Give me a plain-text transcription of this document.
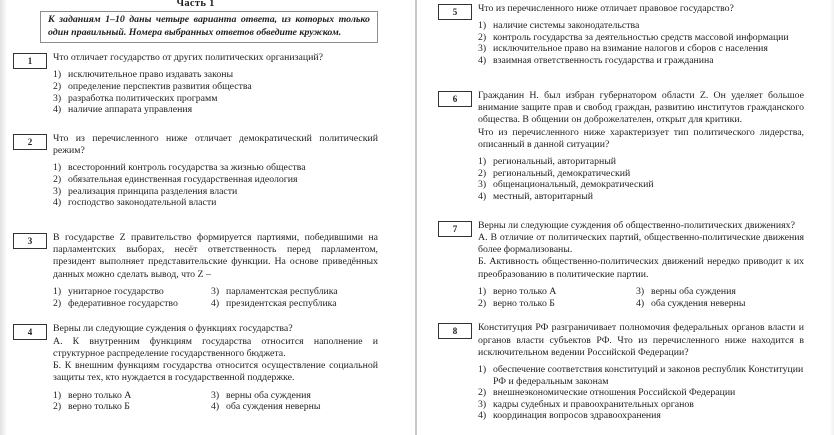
Часть 1
К заданиям 1–10 даны четыре варианта ответа, из которых только один правильный. Номера выбранных ответов обведите кружком.
1	Что отличает государство от других политических организаций?

1) исключительное право издавать законы
2) определение перспектив развития общества
3) разработка политических программ
4) наличие аппарата управления
2	Что из перечисленного ниже отличает демократический политический режим?

1) всесторонний контроль государства за жизнью общества
2) обязательная единственная государственная идеология
3) реализация принципа разделения власти
4) господство законодательной власти
3	В государстве Z правительство формируется партиями, победившими на парламентских выборах, несёт ответственность перед парламентом, президент выполняет представительские функции. На основе приведённых данных можно сделать вывод, что Z –

1) унитарное государство
2) федеративное государство
3) парламентская республика
4) президентская республика
4	Верны ли следующие суждения о функциях государства?

А. К внутренним функциям государства относится наполнение и структурное распределение государственного бюджета.

Б. К внешним функциям государства относится осуществление социальной защиты тех, кто нуждается в государственной поддержке.

1) верно только А
2) верно только Б
3) верны оба суждения
4) оба суждения неверны
5	Что из перечисленного ниже отличает правовое государство?

1) наличие системы законодательства
2) контроль государства за деятельностью средств массовой информации
3) исключительное право на взимание налогов и сборов с населения
4) взаимная ответственность государства и гражданина
6	Гражданин Н. был избран губернатором области Z. Он уделяет большое внимание защите прав и свобод граждан, развитию институтов гражданского общества. В общении он доброжелателен, открыт для критики.

Что из перечисленного ниже характеризует тип политического лидерства, описанный в данной ситуации?

1) региональный, авторитарный
2) региональный, демократический
3) общенациональный, демократический
4) местный, авторитарный
7	Верны ли следующие суждения об общественно-политических движениях?

А. В отличие от политических партий, общественно-политические движения более формализованы.

Б. Активность общественно-политических движений нередко приводит к их преобразованию в политические партии.

1) верно только А
2) верно только Б
3) верны оба суждения
4) оба суждения неверны
8	Конституция РФ разграничивает полномочия федеральных органов власти и органов власти субъектов РФ. Что из перечисленного ниже находится в исключительном ведении Российской Федерации?

1) обеспечение соответствия конституций и законов республик Конституции РФ и федеральным законам
2) внешнеэкономические отношения Российской Федерации
3) кадры судебных и правоохранительных органов
4) координация вопросов здравоохранения
